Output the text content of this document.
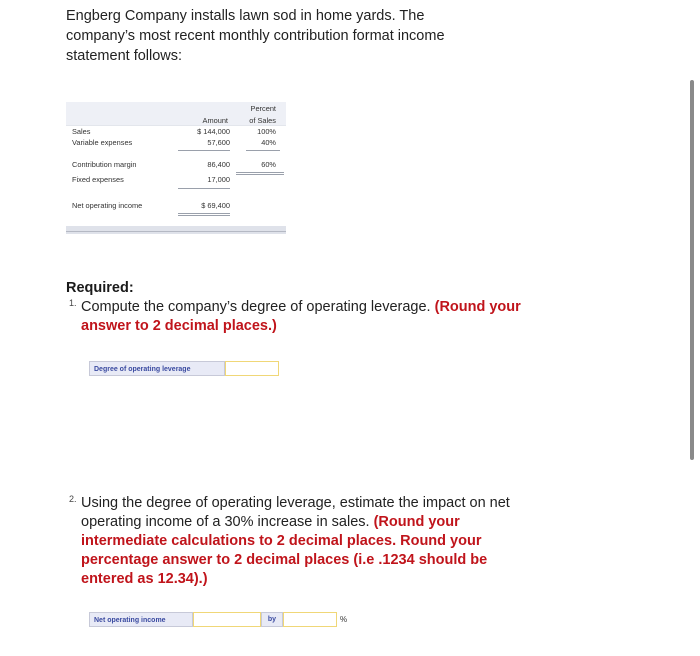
Engberg Company installs lawn sod in home yards. The company’s most recent monthly contribution format income statement follows:
Percent
Amount	of Sales
Sales	$ 144,000	100%
Variable expenses	57,600	40%
Contribution margin	86,400	60%
Fixed expenses	17,000
Net operating income	$ 69,400
Required:
1. Compute the company’s degree of operating leverage. (Round your answer to 2 decimal places.)
Degree of operating leverage
2. Using the degree of operating leverage, estimate the impact on net operating income of a 30% increase in sales. (Round your intermediate calculations to 2 decimal places. Round your percentage answer to 2 decimal places (i.e .1234 should be entered as 12.34).)
Net operating income	by	%
